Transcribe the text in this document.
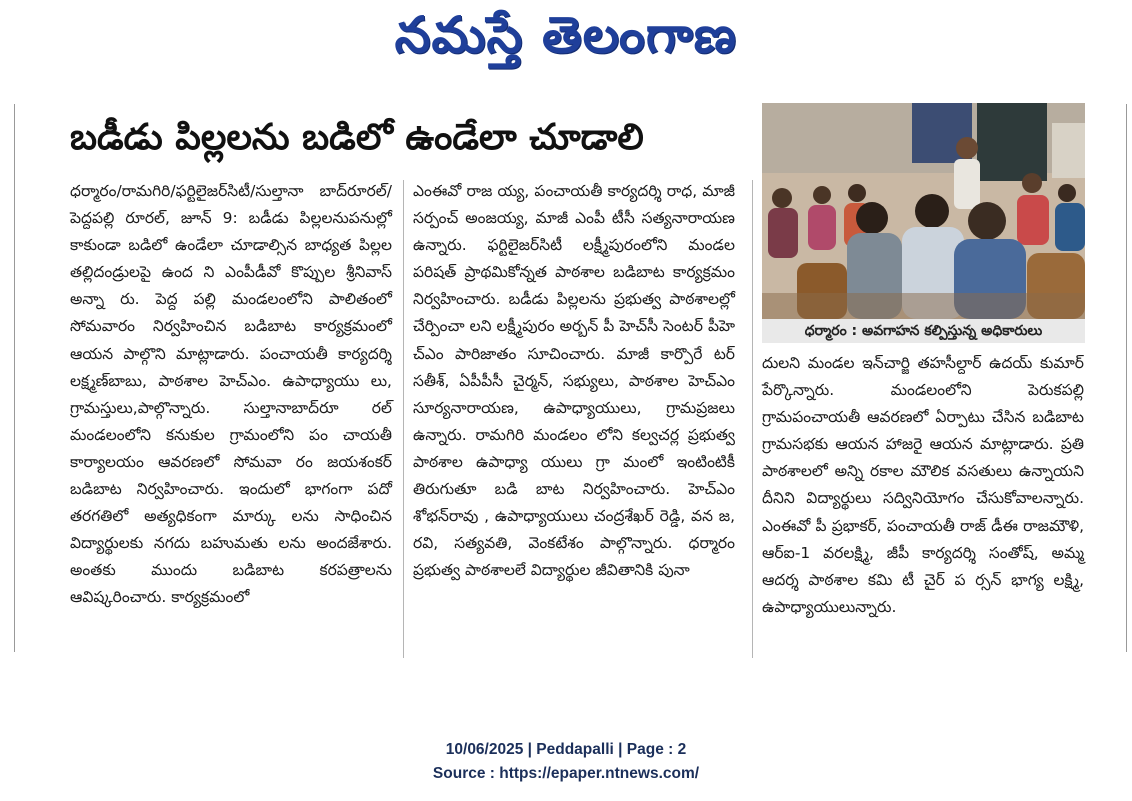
నమస్తే తెలంగాణ
బడీడు పిల్లలను బడిలో ఉండేలా చూడాలి

ధర్మారం/రామగిరి/ఫర్టిలైజర్‌సిటీ/సుల్తానా బాద్‌రూరల్/ పెద్దపల్లి రూరల్, జూన్ 9: బడీడు పిల్లలనుపనుల్లో కాకుండా బడిలో ఉండేలా చూడాల్సిన బాధ్యత పిల్లల తల్లిదండ్రులపై ఉంద ని ఎంపీడీవో కొప్పుల శ్రీనివాస్ అన్నా రు. పెద్ద పల్లి మండలంలోని పాలితంలో సోమవారం నిర్వహించిన బడిబాట కార్యక్రమంలో ఆయన పాల్గొని మాట్లాడారు. పంచాయతీ కార్యదర్శి లక్ష్మణ్‌బాబు, పాఠశాల హెచ్ఎం. ఉపాధ్యాయు లు, గ్రామస్తులు,పాల్గొన్నారు. సుల్తానాబాద్‌రూ రల్ మండలంలోని కనుకుల గ్రామంలోని పం చాయతీ కార్యాలయం ఆవరణలో సోమవా రం జయశంకర్ బడిబాట నిర్వహించారు. ఇందులో భాగంగా పదో తరగతిలో అత్యధికంగా మార్కు లను సాధించిన విద్యార్థులకు నగదు బహుమతు లను అందజేశారు. అంతకు ముందు బడిబాట కరపత్రాలను ఆవిష్కరించారు. కార్యక్రమంలో

ఎంఈవో రాజ య్య, పంచాయతీ కార్యదర్శి రాధ, మాజీ సర్పంచ్ అంజయ్య, మాజీ ఎంపీ టీసీ సత్యనారాయణ ఉన్నారు. ఫర్టిలైజర్‌సిటీ లక్ష్మీపురంలోని మండల పరిషత్ ప్రాథమికోన్నత పాఠశాల బడిబాట కార్యక్రమం నిర్వహించారు. బడీడు పిల్లలను ప్రభుత్వ పాఠశాలల్లో చేర్పించా లని లక్ష్మీపురం అర్బన్ పీ హెచ్‌సీ సెంటర్ పీహె చ్ఎం పారిజాతం సూచించారు. మాజీ కార్పొరే టర్ సతీశ్, ఏపీపీసీ చైర్మన్, సభ్యులు, పాఠశాల హెచ్ఎం సూర్యనారాయణ, ఉపాధ్యాయులు, గ్రామప్రజలు ఉన్నారు. రామగిరి మండలం లోని కల్వచర్ల ప్రభుత్వ పాఠశాల ఉపాధ్యా యులు గ్రా మంలో ఇంటింటికీ తిరుగుతూ బడి బాట నిర్వహించారు. హెచ్ఎం శోభన్‌రావు , ఉపాధ్యాయులు చంద్రశేఖర్ రెడ్డి, వన జ, రవి, సత్యవతి, వెంకటేశం పాల్గొన్నారు. ధర్మారం ప్రభుత్వ పాఠశాలలే విద్యార్థుల జీవితానికి పునా

ధర్మారం : అవగాహన కల్పిస్తున్న అధికారులు

దులని మండల ఇన్‌చార్జి తహసీల్దార్ ఉదయ్ కుమార్ పేర్కొన్నారు. మండలంలోని పెరుకపల్లి గ్రామపంచాయతీ ఆవరణలో ఏర్పాటు చేసిన బడిబాట గ్రామసభకు ఆయన హాజరై ఆయన మాట్లాడారు. ప్రతి పాఠశాలలో అన్ని రకాల మౌలిక వసతులు ఉన్నాయని దీనిని విద్యార్థులు సద్వినియోగం చేసుకోవాలన్నారు. ఎంఈవో పీ ప్రభాకర్, పంచాయతీ రాజ్ డీఈ రాజమౌళి, ఆర్ఐ-1 వరలక్ష్మి, జీపీ కార్యదర్శి సంతోష్, అమ్మ ఆదర్శ పాఠశాల కమి టీ చైర్ ప ర్సన్ భాగ్య లక్ష్మి, ఉపాధ్యాయులున్నారు.

10/06/2025 | Peddapalli | Page : 2
Source : https://epaper.ntnews.com/
